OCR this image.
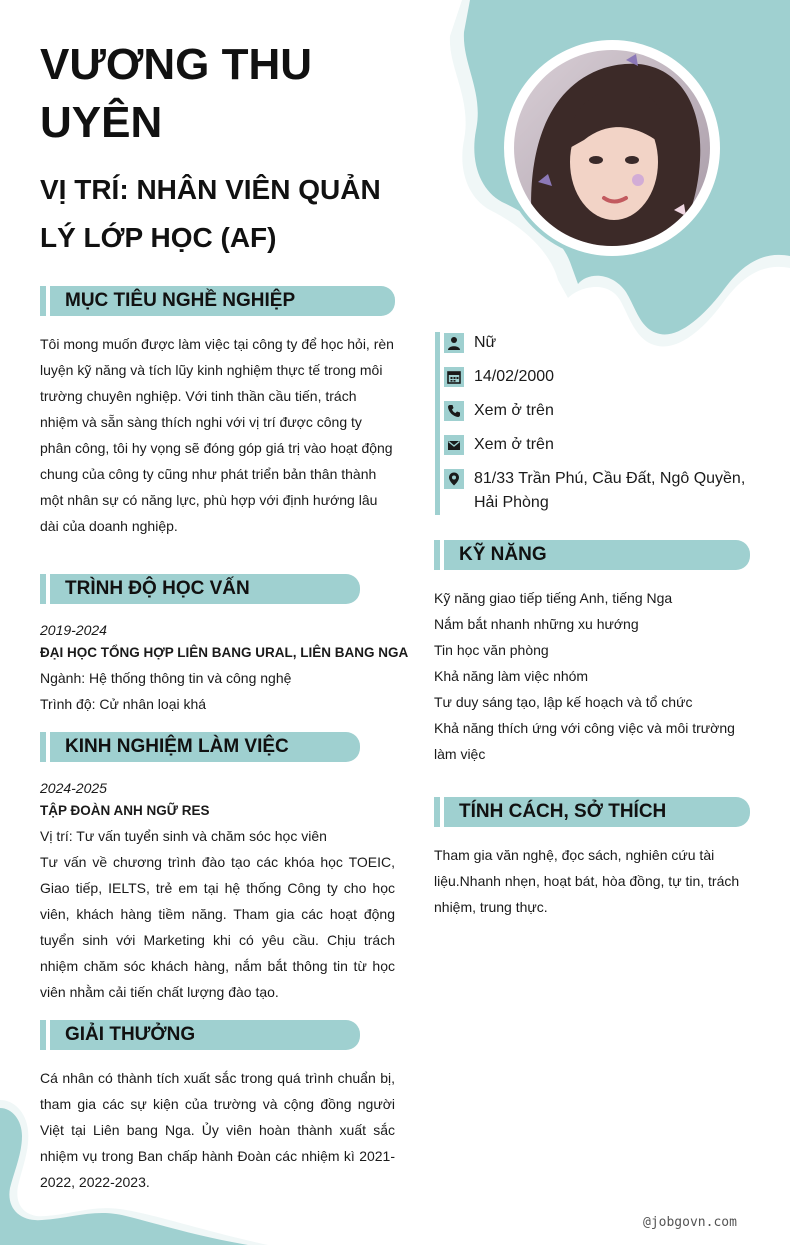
VƯƠNG THU UYÊN
VỊ TRÍ: NHÂN VIÊN QUẢN LÝ LỚP HỌC (AF)
MỤC TIÊU NGHỀ NGHIỆP
Tôi mong muốn được làm việc tại công ty để học hỏi, rèn luyện kỹ năng và tích lũy kinh nghiệm thực tế trong môi trường chuyên nghiệp. Với tinh thần cầu tiến, trách nhiệm và sẵn sàng thích nghi với vị trí được công ty phân công, tôi hy vọng sẽ đóng góp giá trị vào hoạt động chung của công ty cũng như phát triển bản thân thành một nhân sự có năng lực, phù hợp với định hướng lâu dài của doanh nghiệp.
TRÌNH ĐỘ HỌC VẤN
2019-2024
ĐẠI HỌC TỔNG HỢP LIÊN BANG URAL, LIÊN BANG NGA
Ngành: Hệ thống thông tin và công nghệ
Trình độ: Cử nhân loại khá
KINH NGHIỆM LÀM VIỆC
2024-2025
TẬP ĐOÀN ANH NGỮ RES
Vị trí: Tư vấn tuyển sinh và chăm sóc học viên
Tư vấn về chương trình đào tạo các khóa học TOEIC, Giao tiếp, IELTS, trẻ em tại hệ thống Công ty cho học viên, khách hàng tiềm năng. Tham gia các hoạt động tuyển sinh với Marketing khi có yêu cầu. Chịu trách nhiệm chăm sóc khách hàng, nắm bắt thông tin từ học viên nhằm cải tiến chất lượng đào tạo.
GIẢI THƯỞNG
Cá nhân có thành tích xuất sắc trong quá trình chuẩn bị, tham gia các sự kiện của trường và cộng đồng người Việt tại Liên bang Nga. Ủy viên hoàn thành xuất sắc nhiệm vụ trong Ban chấp hành Đoàn các nhiệm kì 2021-2022, 2022-2023.
Nữ
14/02/2000
Xem ở trên
Xem ở trên
81/33 Trần Phú, Cầu Đất, Ngô Quyền, Hải Phòng
KỸ NĂNG
Kỹ năng giao tiếp tiếng Anh, tiếng Nga
Nắm bắt nhanh những xu hướng
Tin học văn phòng
Khả năng làm việc nhóm
Tư duy sáng tạo, lập kế hoạch và tổ chức
Khả năng thích ứng với công việc và môi trường làm việc
TÍNH CÁCH, SỞ THÍCH
Tham gia văn nghệ, đọc sách, nghiên cứu tài liệu.Nhanh nhẹn, hoạt bát, hòa đồng, tự tin, trách nhiệm, trung thực.
@jobgovn.com
